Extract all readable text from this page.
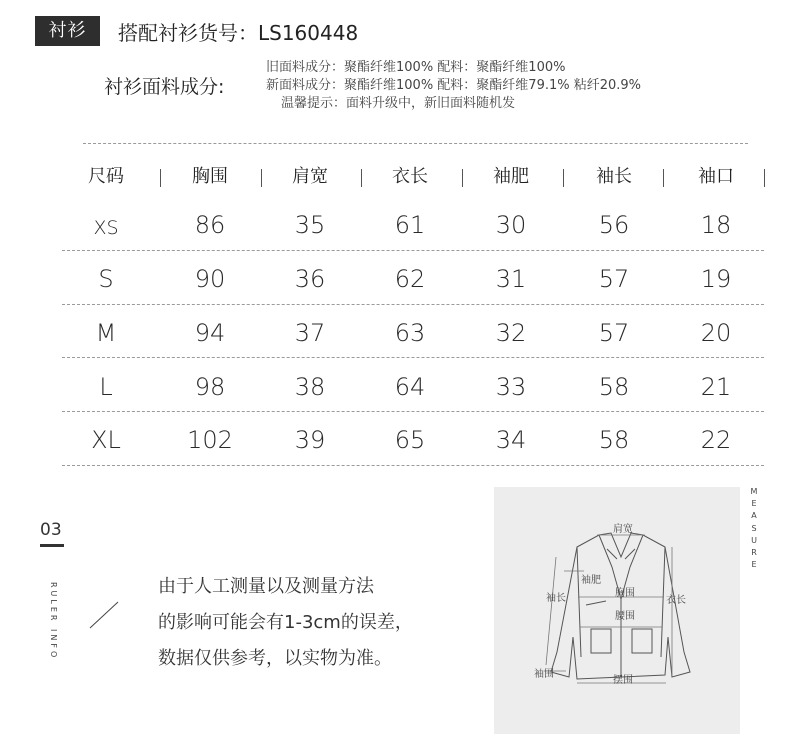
衬衫	搭配衬衫货号：LS160448
衬衫面料成分:
旧面料成分：聚酯纤维100% 配料：聚酯纤维100%
新面料成分：聚酯纤维100% 配料：聚酯纤维79.1% 粘纤20.9%
温馨提示：面料升级中，新旧面料随机发
尺码	胸围	肩宽	衣长	袖肥	袖长	袖口
XS	86	35	61	30	56	18
S	90	36	62	31	57	19
M	94	37	63	32	57	20
L	98	38	64	33	58	21
XL	102	39	65	34	58	22
03
RULER INFO	由于人工测量以及测量方法
的影响可能会有1-3cm的误差，
数据仅供参考，以实物为准。
肩宽
袖肥
袖长	胸围
衣长
腰围
袖围
摆围
M
E
A
S
U
R
E
